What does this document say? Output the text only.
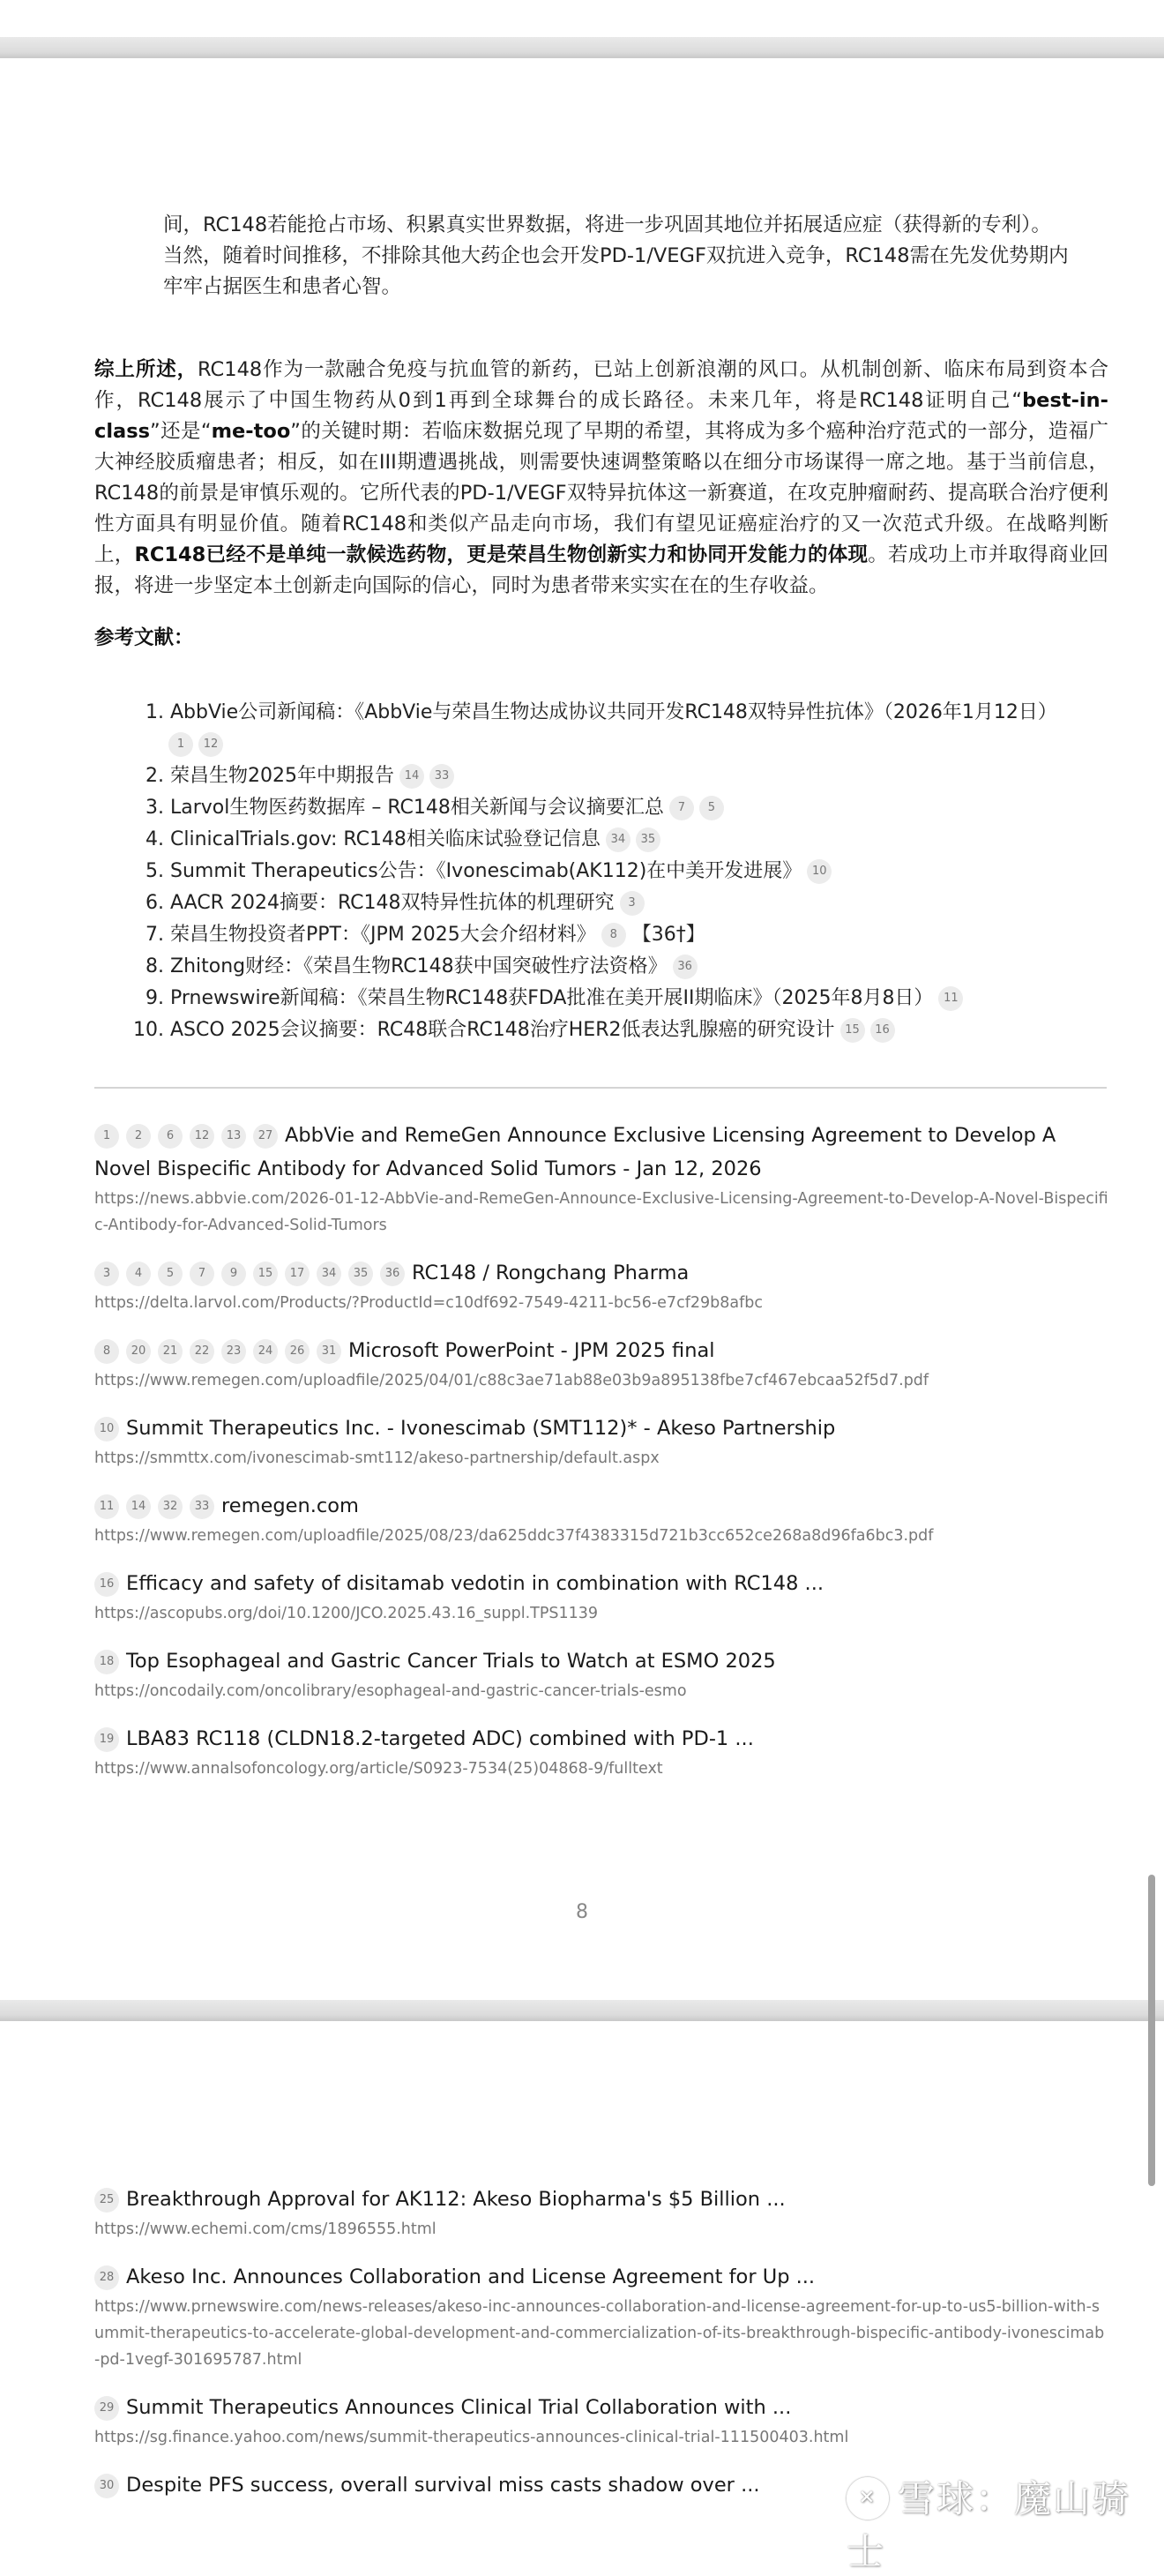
间，RC148若能抢占市场、积累真实世界数据，将进一步巩固其地位并拓展适应症（获得新的专利）。
当然，随着时间推移，不排除其他大药企也会开发PD-1/VEGF双抗进入竞争，RC148需在先发优势期内
牢牢占据医生和患者心智。
综上所述，RC148作为一款融合免疫与抗血管的新药，已站上创新浪潮的风口。从机制创新、临床布局到资本合作，RC148展示了中国生物药从0到1再到全球舞台的成长路径。未来几年，将是RC148证明自己“best-in-class”还是“me-too”的关键时期：若临床数据兑现了早期的希望，其将成为多个癌种治疗范式的一部分，造福广大神经胶质瘤患者；相反，如在III期遭遇挑战，则需要快速调整策略以在细分市场谋得一席之地。基于当前信息，RC148的前景是审慎乐观的。它所代表的PD-1/VEGF双特异抗体这一新赛道，在攻克肿瘤耐药、提高联合治疗便利性方面具有明显价值。随着RC148和类似产品走向市场，我们有望见证癌症治疗的又一次范式升级。在战略判断上，RC148已经不是单纯一款候选药物，更是荣昌生物创新实力和协同开发能力的体现。若成功上市并取得商业回报，将进一步坚定本土创新走向国际的信心，同时为患者带来实实在在的生存收益。
参考文献：
1. AbbVie公司新闻稿：《AbbVie与荣昌生物达成协议共同开发RC148双特异性抗体》（2026年1月12日）
1 12
2. 荣昌生物2025年中期报告 14 33
3. Larvol生物医药数据库 – RC148相关新闻与会议摘要汇总 7 5
4. ClinicalTrials.gov: RC148相关临床试验登记信息 34 35
5. Summit Therapeutics公告：《Ivonescimab(AK112)在中美开发进展》 10
6. AACR 2024摘要：RC148双特异性抗体的机理研究 3
7. 荣昌生物投资者PPT：《JPM 2025大会介绍材料》 8 【36†】
8. Zhitong财经：《荣昌生物RC148获中国突破性疗法资格》 36
9. Prnewswire新闻稿：《荣昌生物RC148获FDA批准在美开展II期临床》（2025年8月8日） 11
10. ASCO 2025会议摘要：RC48联合RC148治疗HER2低表达乳腺癌的研究设计 15 16
1 2 6 12 13 27 AbbVie and RemeGen Announce Exclusive Licensing Agreement to Develop A Novel Bispecific Antibody for Advanced Solid Tumors - Jan 12, 2026
https://news.abbvie.com/2026-01-12-AbbVie-and-RemeGen-Announce-Exclusive-Licensing-Agreement-to-Develop-A-Novel-Bispecific-Antibody-for-Advanced-Solid-Tumors
3 4 5 7 9 15 17 34 35 36 RC148 / Rongchang Pharma
https://delta.larvol.com/Products/?ProductId=c10df692-7549-4211-bc56-e7cf29b8afbc
8 20 21 22 23 24 26 31 Microsoft PowerPoint - JPM 2025 final
https://www.remegen.com/uploadfile/2025/04/01/c88c3ae71ab88e03b9a895138fbe7cf467ebcaa52f5d7.pdf
10 Summit Therapeutics Inc. - Ivonescimab (SMT112)* - Akeso Partnership
https://smmttx.com/ivonescimab-smt112/akeso-partnership/default.aspx
11 14 32 33 remegen.com
https://www.remegen.com/uploadfile/2025/08/23/da625ddc37f4383315d721b3cc652ce268a8d96fa6bc3.pdf
16 Efficacy and safety of disitamab vedotin in combination with RC148 ...
https://ascopubs.org/doi/10.1200/JCO.2025.43.16_suppl.TPS1139
18 Top Esophageal and Gastric Cancer Trials to Watch at ESMO 2025
https://oncodaily.com/oncolibrary/esophageal-and-gastric-cancer-trials-esmo
19 LBA83 RC118 (CLDN18.2-targeted ADC) combined with PD-1 ...
https://www.annalsofoncology.org/article/S0923-7534(25)04868-9/fulltext
8
25 Breakthrough Approval for AK112: Akeso Biopharma's $5 Billion ...
https://www.echemi.com/cms/1896555.html
28 Akeso Inc. Announces Collaboration and License Agreement for Up ...
https://www.prnewswire.com/news-releases/akeso-inc-announces-collaboration-and-license-agreement-for-up-to-us5-billion-with-summit-therapeutics-to-accelerate-global-development-and-commercialization-of-its-breakthrough-bispecific-antibody-ivonescimab-pd-1vegf-301695787.html
29 Summit Therapeutics Announces Clinical Trial Collaboration with ...
https://sg.finance.yahoo.com/news/summit-therapeutics-announces-clinical-trial-111500403.html
30 Despite PFS success, overall survival miss casts shadow over ...
✕ 雪球：魔山骑士
